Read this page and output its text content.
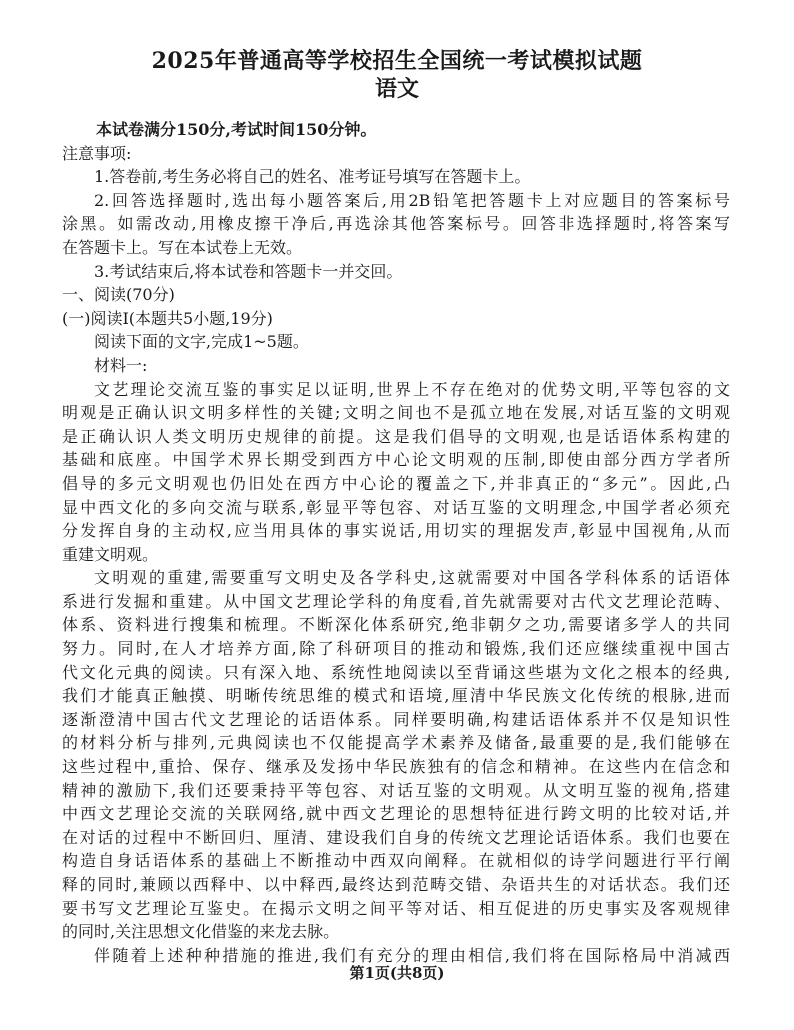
2025年普通高等学校招生全国统一考试模拟试题
语文
本试卷满分150分,考试时间150分钟。
注意事项:
1.答卷前,考生务必将自己的姓名、准考证号填写在答题卡上。
2.回答选择题时,选出每小题答案后,用2B铅笔把答题卡上对应题目的答案标号
涂黑。如需改动,用橡皮擦干净后,再选涂其他答案标号。回答非选择题时,将答案写
在答题卡上。写在本试卷上无效。
3.考试结束后,将本试卷和答题卡一并交回。
一、阅读(70分)
(一)阅读Ⅰ(本题共5小题,19分)
阅读下面的文字,完成1~5题。
材料一:
文艺理论交流互鉴的事实足以证明,世界上不存在绝对的优势文明,平等包容的文
明观是正确认识文明多样性的关键;文明之间也不是孤立地在发展,对话互鉴的文明观
是正确认识人类文明历史规律的前提。这是我们倡导的文明观,也是话语体系构建的
基础和底座。中国学术界长期受到西方中心论文明观的压制,即使由部分西方学者所
倡导的多元文明观也仍旧处在西方中心论的覆盖之下,并非真正的“多元”。因此,凸
显中西文化的多向交流与联系,彰显平等包容、对话互鉴的文明理念,中国学者必须充
分发挥自身的主动权,应当用具体的事实说话,用切实的理据发声,彰显中国视角,从而
重建文明观。
文明观的重建,需要重写文明史及各学科史,这就需要对中国各学科体系的话语体
系进行发掘和重建。从中国文艺理论学科的角度看,首先就需要对古代文艺理论范畴、
体系、资料进行搜集和梳理。不断深化体系研究,绝非朝夕之功,需要诸多学人的共同
努力。同时,在人才培养方面,除了科研项目的推动和锻炼,我们还应继续重视中国古
代文化元典的阅读。只有深入地、系统性地阅读以至背诵这些堪为文化之根本的经典,
我们才能真正触摸、明晰传统思维的模式和语境,厘清中华民族文化传统的根脉,进而
逐渐澄清中国古代文艺理论的话语体系。同样要明确,构建话语体系并不仅是知识性
的材料分析与排列,元典阅读也不仅能提高学术素养及储备,最重要的是,我们能够在
这些过程中,重拾、保存、继承及发扬中华民族独有的信念和精神。在这些内在信念和
精神的激励下,我们还要秉持平等包容、对话互鉴的文明观。从文明互鉴的视角,搭建
中西文艺理论交流的关联网络,就中西文艺理论的思想特征进行跨文明的比较对话,并
在对话的过程中不断回归、厘清、建设我们自身的传统文艺理论话语体系。我们也要在
构造自身话语体系的基础上不断推动中西双向阐释。在就相似的诗学问题进行平行阐
释的同时,兼顾以西释中、以中释西,最终达到范畴交错、杂语共生的对话状态。我们还
要书写文艺理论互鉴史。在揭示文明之间平等对话、相互促进的历史事实及客观规律
的同时,关注思想文化借鉴的来龙去脉。
伴随着上述种种措施的推进,我们有充分的理由相信,我们将在国际格局中消减西
第1页(共8页)
